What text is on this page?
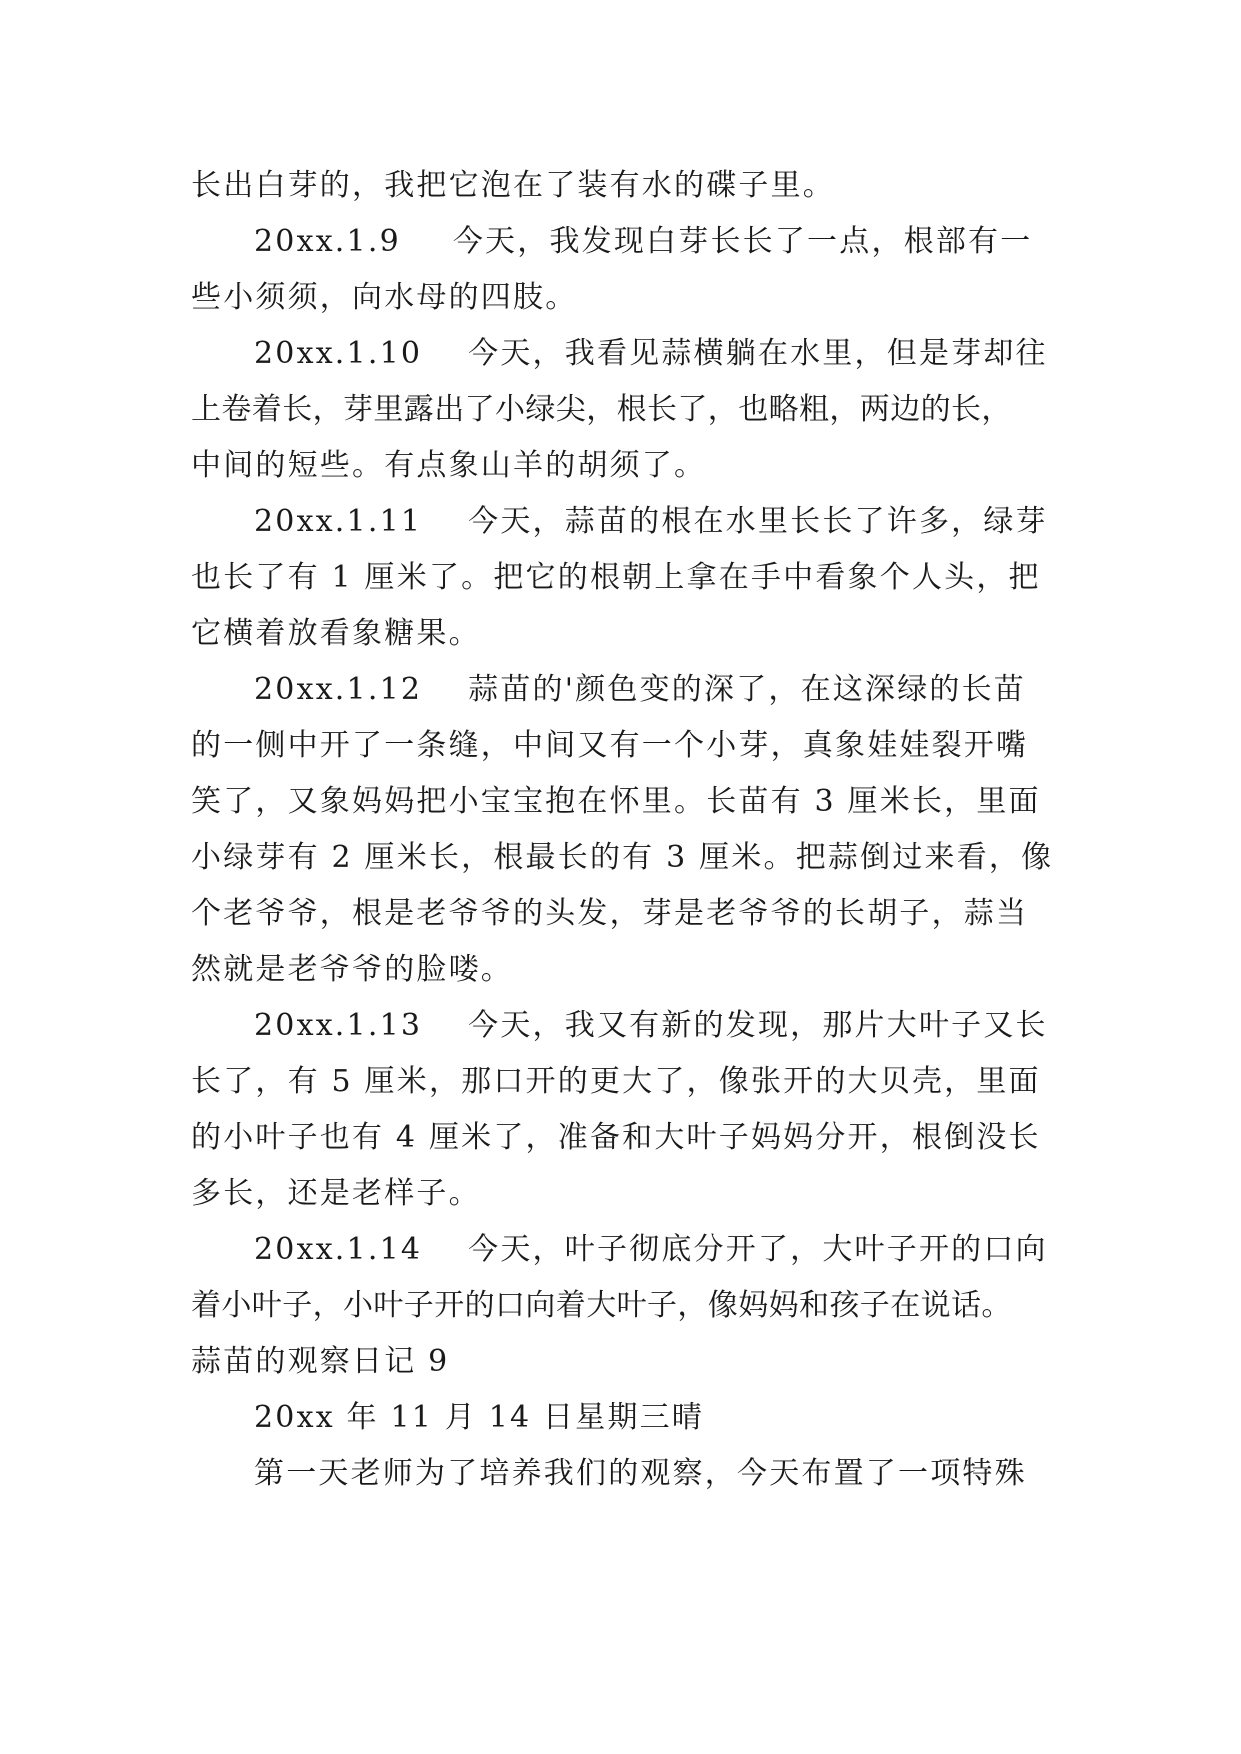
长出白芽的，我把它泡在了装有水的碟子里。
20xx.1.9 今天，我发现白芽长长了一点，根部有一
些小须须，向水母的四肢。
20xx.1.10 今天，我看见蒜横躺在水里，但是芽却往
上卷着长，芽里露出了小绿尖，根长了，也略粗，两边的长，
中间的短些。有点象山羊的胡须了。
20xx.1.11 今天，蒜苗的根在水里长长了许多，绿芽
也长了有 1 厘米了。把它的根朝上拿在手中看象个人头，把
它横着放看象糖果。
20xx.1.12 蒜苗的'颜色变的深了，在这深绿的长苗
的一侧中开了一条缝，中间又有一个小芽，真象娃娃裂开嘴
笑了，又象妈妈把小宝宝抱在怀里。长苗有 3 厘米长，里面
小绿芽有 2 厘米长，根最长的有 3 厘米。把蒜倒过来看，像
个老爷爷，根是老爷爷的头发，芽是老爷爷的长胡子，蒜当
然就是老爷爷的脸喽。
20xx.1.13 今天，我又有新的发现，那片大叶子又长
长了，有 5 厘米，那口开的更大了，像张开的大贝壳，里面
的小叶子也有 4 厘米了，准备和大叶子妈妈分开，根倒没长
多长，还是老样子。
20xx.1.14 今天，叶子彻底分开了，大叶子开的口向
着小叶子，小叶子开的口向着大叶子，像妈妈和孩子在说话。
蒜苗的观察日记 9
20xx 年 11 月 14 日星期三晴
第一天老师为了培养我们的观察，今天布置了一项特殊
